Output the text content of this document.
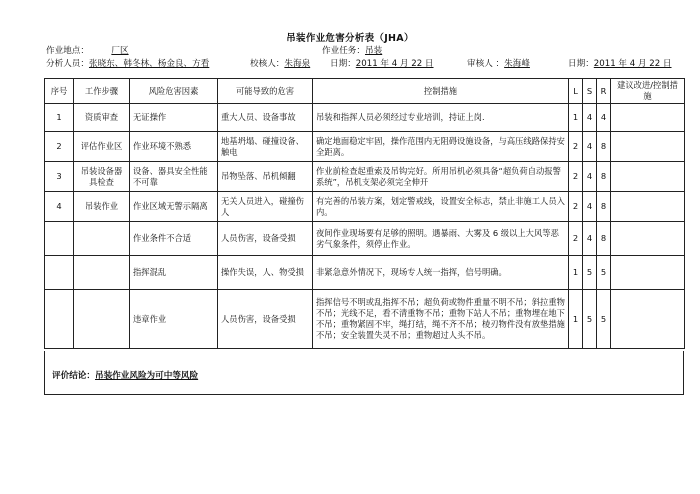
吊装作业危害分析表（JHA）
作业地点：	厂区	作业任务：吊装
分析人员：张晓东、韩冬林、杨金良、方看	校核人：朱海泉 日期：2011 年 4 月 22 日	审核人 ：朱海峰	日期：2011 年 4 月 22 日
序号	工作步骤	风险危害因素	可能导致的危害	控制措施	L	S	R	建议改进/控制措施
1	资质审查	无证操作	重大人员、设备事故	吊装和指挥人员必须经过专业培训，持证上岗.	1	4	4	
2	评估作业区	作业环境不熟悉	地基坍塌、碰撞设备、触电	确定地面稳定牢固，操作范围内无阻碍设施设备，与高压线路保持安全距离。	2	4	8	
3	吊装设备器具检查	设备、器具安全性能不可靠	吊物坠落、吊机倾翻	作业前检查起重索及吊钩完好。所用吊机必须具备“超负荷自动报警系统”，吊机支架必须完全伸开	2	4	8	
4	吊装作业	作业区域无警示隔离	无关人员进入，碰撞伤人	有完善的吊装方案，划定警戒线，设置安全标志，禁止非施工人员入内。	2	4	8	
		作业条件不合适	人员伤害，设备受损	夜间作业现场要有足够的照明。遇暴雨、大雾及 6 级以上大风等恶劣气象条件，须停止作业。	2	4	8	
		指挥混乱	操作失误，人、物受损	非紧急意外情况下，现场专人统一指挥，信号明确。	1	5	5	
		违章作业	人员伤害，设备受损	指挥信号不明或乱指挥不吊；超负荷或物件重量不明不吊；斜拉重物不吊；光线不足，看不清重物不吊；重物下站人不吊；重物埋在地下不吊；重物紧固不牢，绳打结，绳不齐不吊；棱刃物件没有放垫措施不吊；安全装置失灵不吊；重物超过人头不吊。	1	5	5	
评价结论：吊装作业风险为可中等风险
